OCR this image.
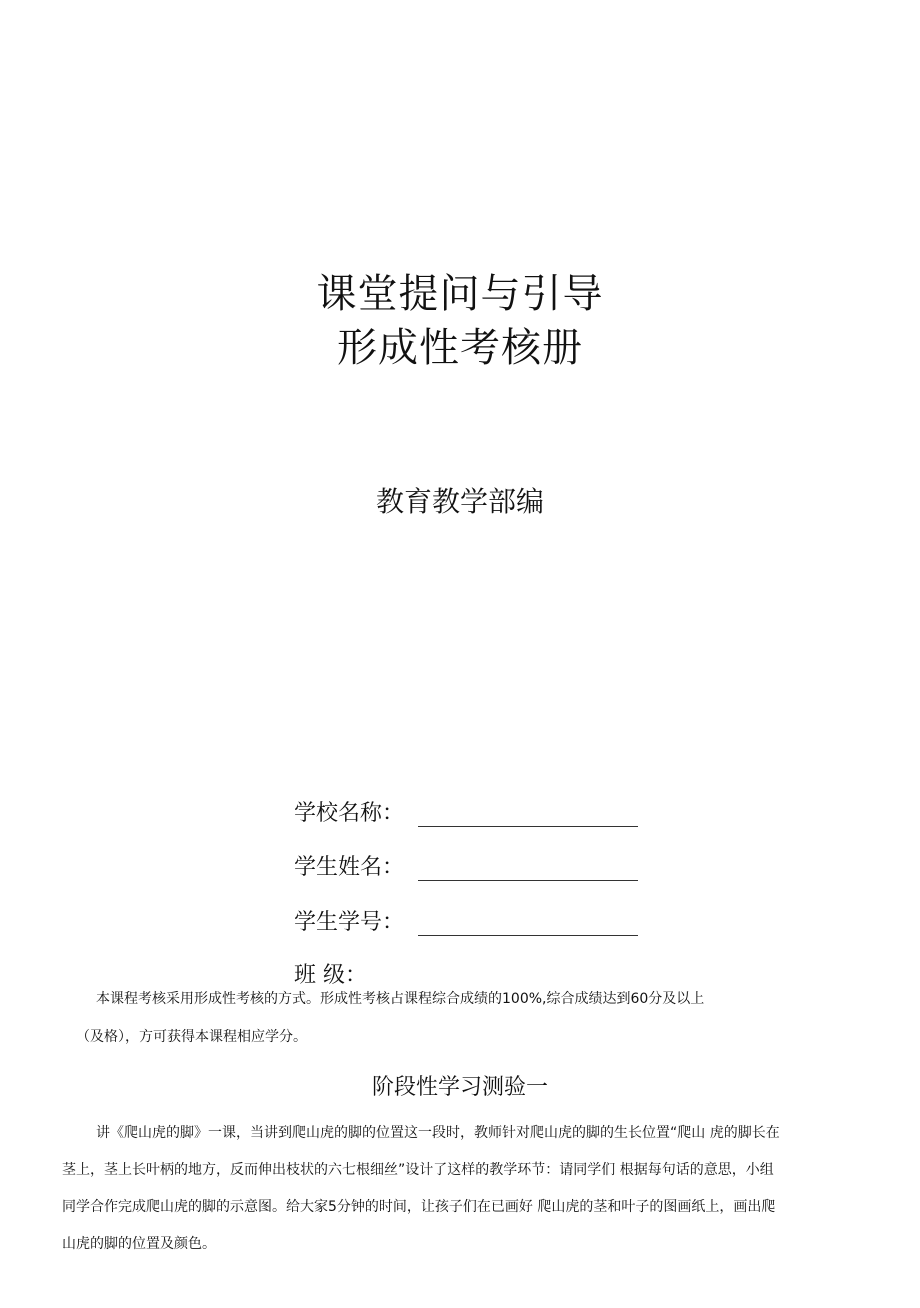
课堂提问与引导
形成性考核册
教育教学部编
学校名称：
学生姓名：
学生学号：
班 级：
本课程考核采用形成性考核的方式。形成性考核占课程综合成绩的100%,综合成绩达到60分及以上
（及格），方可获得本课程相应学分。
阶段性学习测验一
讲《爬山虎的脚》一课，当讲到爬山虎的脚的位置这一段时，教师针对爬山虎的脚的生长位置“爬山 虎的脚长在
茎上，茎上长叶柄的地方，反而伸出枝状的六七根细丝”设计了这样的教学环节：请同学们 根据每句话的意思，小组
同学合作完成爬山虎的脚的示意图。给大家5分钟的时间，让孩子们在已画好 爬山虎的茎和叶子的图画纸上，画出爬
山虎的脚的位置及颜色。
